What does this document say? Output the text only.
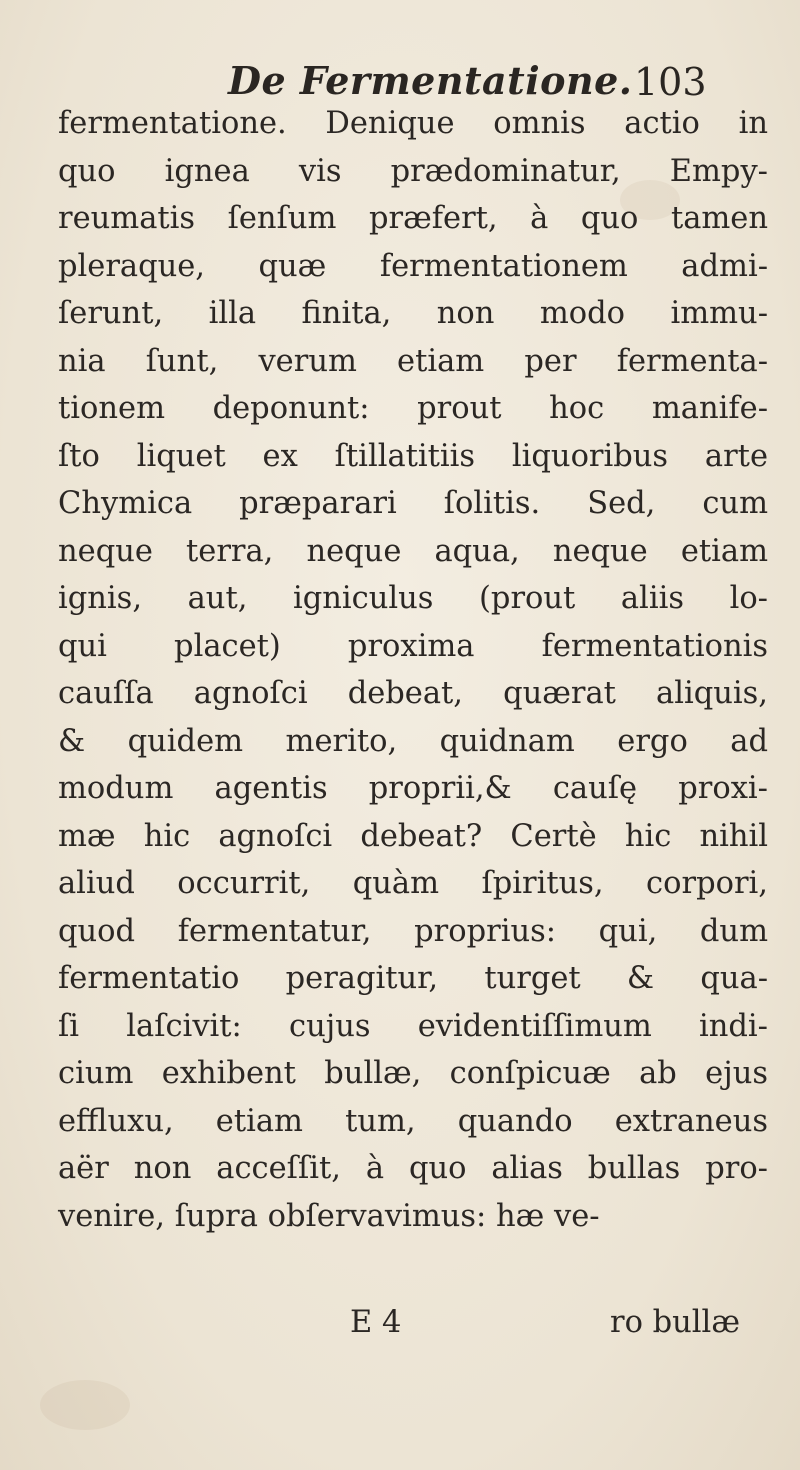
De Fermentatione. 103
fermentatione. Denique omnis actio in
quo ignea vis prædominatur, Empy-
reumatis ſenſum præfert, à quo tamen
pleraque, quæ fermentationem admi-
ſerunt, illa finita, non modo immu-
nia ſunt, verum etiam per fermenta-
tionem deponunt: prout hoc manife-
ſto liquet ex ſtillatitiis liquoribus arte
Chymica præparari ſolitis. Sed, cum
neque terra, neque aqua, neque etiam
ignis, aut, igniculus (prout aliis lo-
qui placet) proxima fermentationis
cauſſa agnoſci debeat, quærat aliquis,
& quidem merito, quidnam ergo ad
modum agentis proprii,& cauſę proxi-
mæ hic agnoſci debeat? Certè hic nihil
aliud occurrit, quàm ſpiritus, corpori,
quod fermentatur, proprius: qui, dum
fermentatio peragitur, turget & qua-
ſi laſcivit: cujus evidentiſſimum indi-
cium exhibent bullæ, conſpicuæ ab ejus
effluxu, etiam tum, quando extraneus
aër non acceſſit, à quo alias bullas pro-
venire, ſupra obſervavimus: hæ ve-
E 4	ro bullæ
